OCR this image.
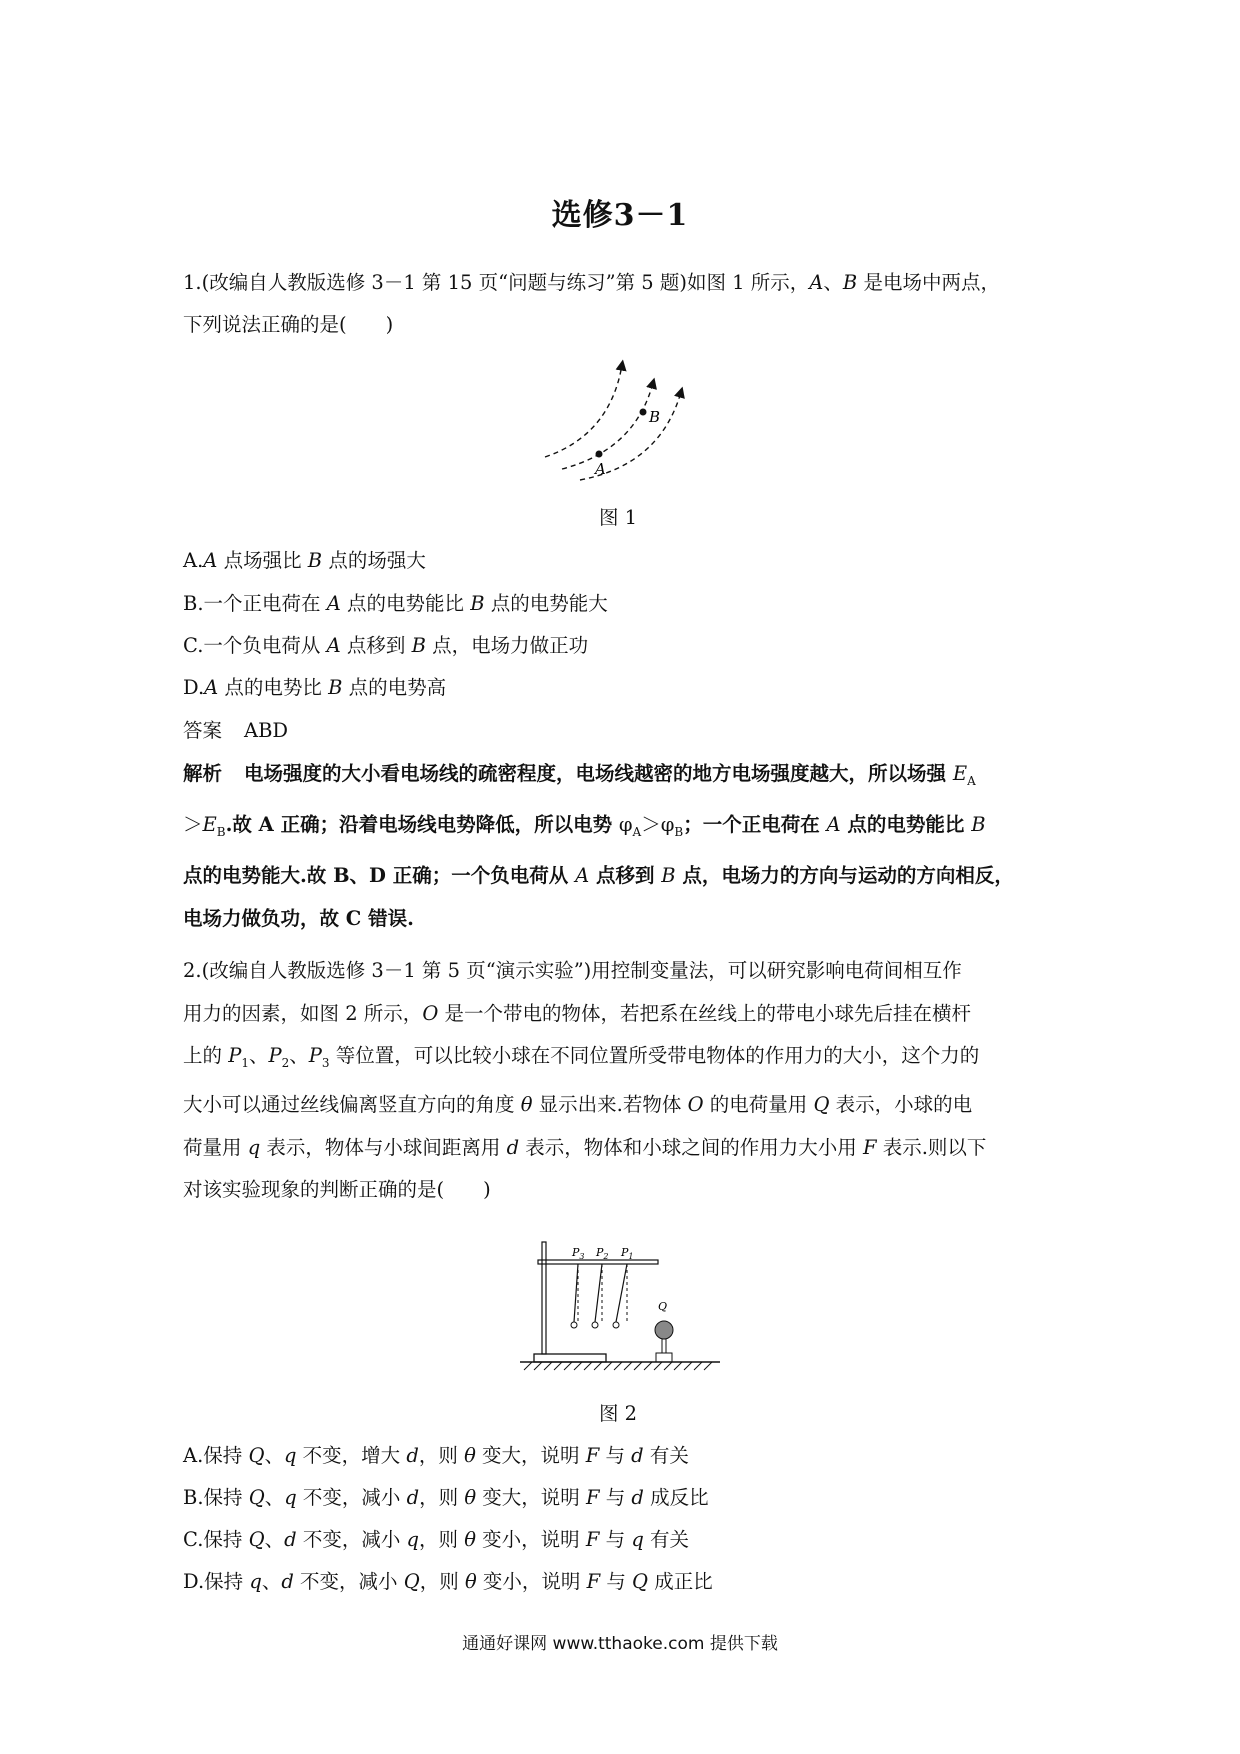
选修3－1
1.(改编自人教版选修 3－1 第 15 页“问题与练习”第 5 题)如图 1 所示，A、B 是电场中两点，
下列说法正确的是(　　)
A
B
图 1
A.A 点场强比 B 点的场强大
B.一个正电荷在 A 点的电势能比 B 点的电势能大
C.一个负电荷从 A 点移到 B 点，电场力做正功
D.A 点的电势比 B 点的电势高
答案 ABD
解析 电场强度的大小看电场线的疏密程度，电场线越密的地方电场强度越大，所以场强 $E_A$
$>E_B$.故 A 正确；沿着电场线电势降低，所以电势 $\varphi_A>\varphi_B$；一个正电荷在 A 点的电势能比 B
点的电势能大.故 B、D 正确；一个负电荷从 A 点移到 B 点，电场力的方向与运动的方向相反，
电场力做负功，故 C 错误.
2.(改编自人教版选修 3－1 第 5 页“演示实验”)用控制变量法，可以研究影响电荷间相互作
用力的因素，如图 2 所示，O 是一个带电的物体，若把系在丝线上的带电小球先后挂在横杆
上的 $P_1$、$P_2$、$P_3$ 等位置，可以比较小球在不同位置所受带电物体的作用力的大小，这个力的
大小可以通过丝线偏离竖直方向的角度 θ 显示出来.若物体 O 的电荷量用 Q 表示，小球的电
荷量用 q 表示，物体与小球间距离用 d 表示，物体和小球之间的作用力大小用 F 表示.则以下
对该实验现象的判断正确的是(　　)
$P_3$ $P_2$ $P_1$
Q
图 2
A.保持 Q、q 不变，增大 d，则 θ 变大，说明 F 与 d 有关
B.保持 Q、q 不变，减小 d，则 θ 变大，说明 F 与 d 成反比
C.保持 Q、d 不变，减小 q，则 θ 变小，说明 F 与 q 有关
D.保持 q、d 不变，减小 Q，则 θ 变小，说明 F 与 Q 成正比
通通好课网 www.tthaoke.com 提供下载
